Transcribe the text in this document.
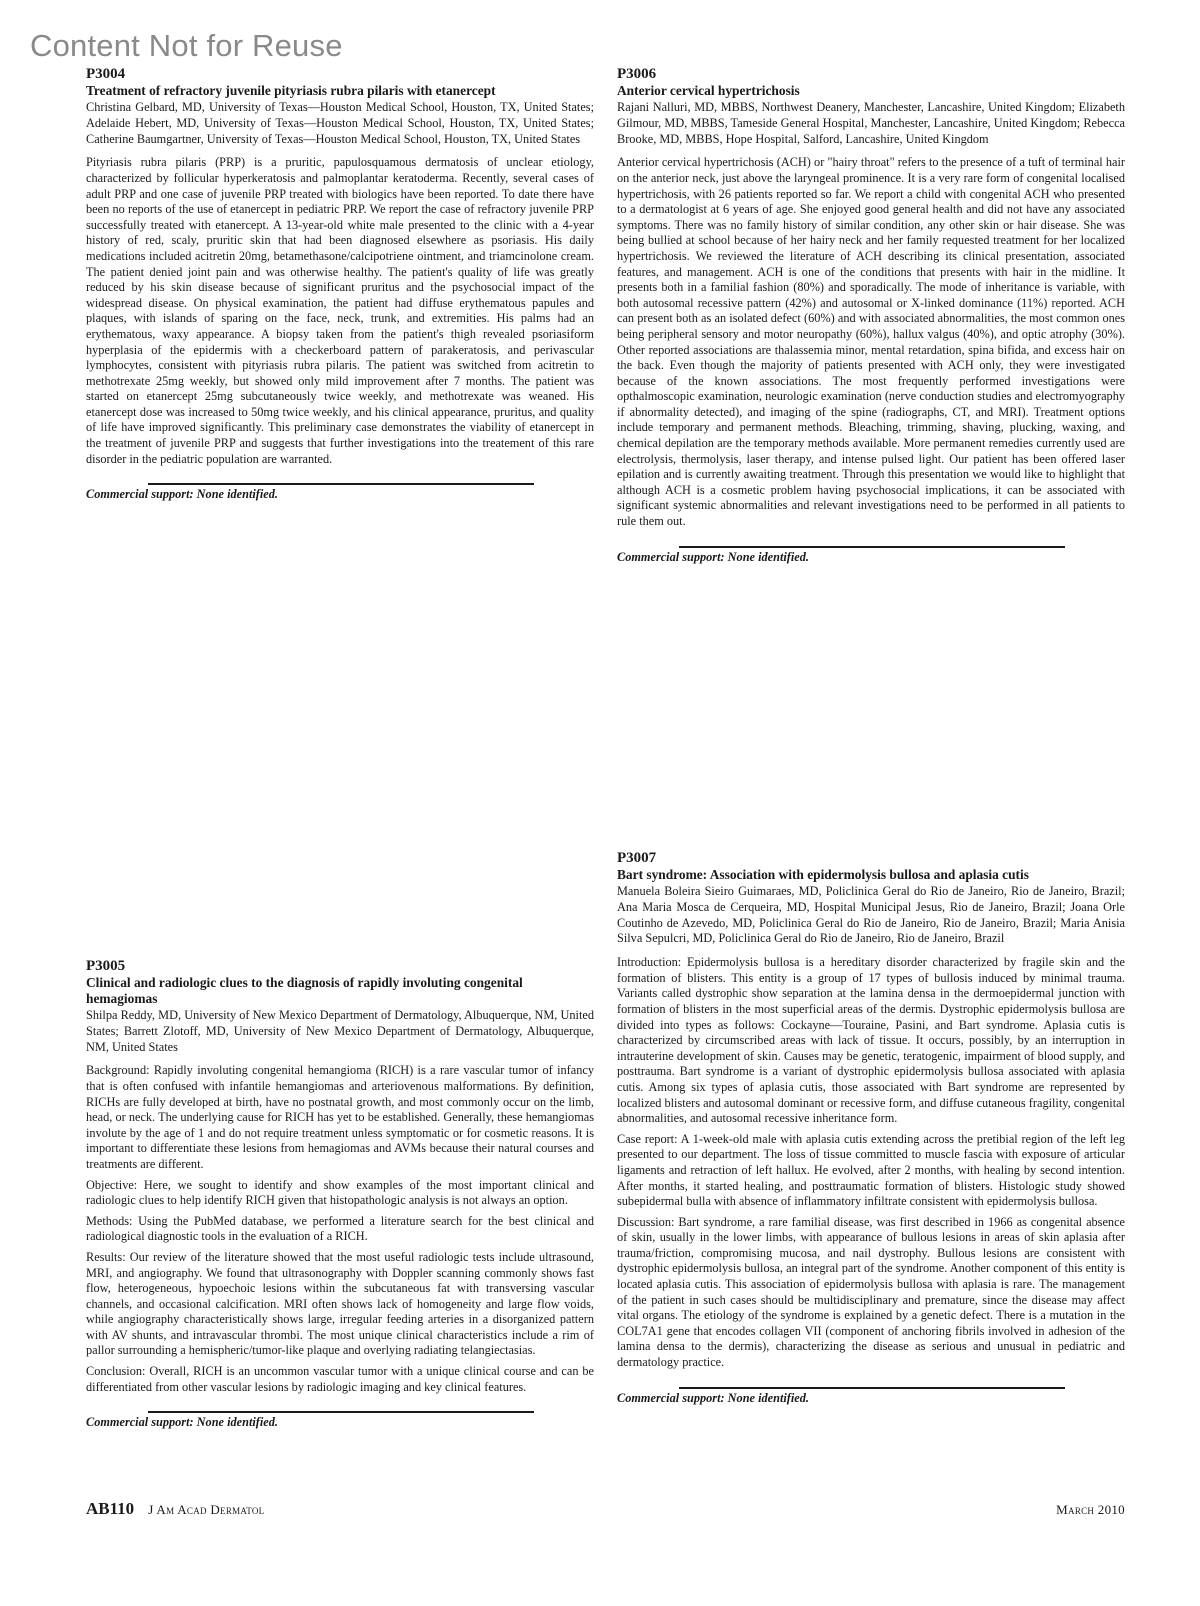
Content Not for Reuse
P3004
Treatment of refractory juvenile pityriasis rubra pilaris with etanercept
Christina Gelbard, MD, University of Texas—Houston Medical School, Houston, TX, United States; Adelaide Hebert, MD, University of Texas—Houston Medical School, Houston, TX, United States; Catherine Baumgartner, University of Texas—Houston Medical School, Houston, TX, United States

Pityriasis rubra pilaris (PRP) is a pruritic, papulosquamous dermatosis of unclear etiology, characterized by follicular hyperkeratosis and palmoplantar keratoderma. Recently, several cases of adult PRP and one case of juvenile PRP treated with biologics have been reported. To date there have been no reports of the use of etanercept in pediatric PRP. We report the case of refractory juvenile PRP successfully treated with etanercept. A 13-year-old white male presented to the clinic with a 4-year history of red, scaly, pruritic skin that had been diagnosed elsewhere as psoriasis. His daily medications included acitretin 20mg, betamethasone/calcipotriene ointment, and triamcinolone cream. The patient denied joint pain and was otherwise healthy. The patient's quality of life was greatly reduced by his skin disease because of significant pruritus and the psychosocial impact of the widespread disease. On physical examination, the patient had diffuse erythematous papules and plaques, with islands of sparing on the face, neck, trunk, and extremities. His palms had an erythematous, waxy appearance. A biopsy taken from the patient's thigh revealed psoriasiform hyperplasia of the epidermis with a checkerboard pattern of parakeratosis, and perivascular lymphocytes, consistent with pityriasis rubra pilaris. The patient was switched from acitretin to methotrexate 25mg weekly, but showed only mild improvement after 7 months. The patient was started on etanercept 25mg subcutaneously twice weekly, and methotrexate was weaned. His etanercept dose was increased to 50mg twice weekly, and his clinical appearance, pruritus, and quality of life have improved significantly. This preliminary case demonstrates the viability of etanercept in the treatment of juvenile PRP and suggests that further investigations into the treatement of this rare disorder in the pediatric population are warranted.

Commercial support: None identified.
P3005
Clinical and radiologic clues to the diagnosis of rapidly involuting congenital hemagiomas
Shilpa Reddy, MD, University of New Mexico Department of Dermatology, Albuquerque, NM, United States; Barrett Zlotoff, MD, University of New Mexico Department of Dermatology, Albuquerque, NM, United States

Background: Rapidly involuting congenital hemangioma (RICH) is a rare vascular tumor of infancy that is often confused with infantile hemangiomas and arteriovenous malformations. By definition, RICHs are fully developed at birth, have no postnatal growth, and most commonly occur on the limb, head, or neck. The underlying cause for RICH has yet to be established. Generally, these hemangiomas involute by the age of 1 and do not require treatment unless symptomatic or for cosmetic reasons. It is important to differentiate these lesions from hemagiomas and AVMs because their natural courses and treatments are different.

Objective: Here, we sought to identify and show examples of the most important clinical and radiologic clues to help identify RICH given that histopathologic analysis is not always an option.

Methods: Using the PubMed database, we performed a literature search for the best clinical and radiological diagnostic tools in the evaluation of a RICH.

Results: Our review of the literature showed that the most useful radiologic tests include ultrasound, MRI, and angiography. We found that ultrasonography with Doppler scanning commonly shows fast flow, heterogeneous, hypoechoic lesions within the subcutaneous fat with transversing vascular channels, and occasional calcification. MRI often shows lack of homogeneity and large flow voids, while angiography characteristically shows large, irregular feeding arteries in a disorganized pattern with AV shunts, and intravascular thrombi. The most unique clinical characteristics include a rim of pallor surrounding a hemispheric/tumor-like plaque and overlying radiating telangiectasias.

Conclusion: Overall, RICH is an uncommon vascular tumor with a unique clinical course and can be differentiated from other vascular lesions by radiologic imaging and key clinical features.

Commercial support: None identified.
P3006
Anterior cervical hypertrichosis
Rajani Nalluri, MD, MBBS, Northwest Deanery, Manchester, Lancashire, United Kingdom; Elizabeth Gilmour, MD, MBBS, Tameside General Hospital, Manchester, Lancashire, United Kingdom; Rebecca Brooke, MD, MBBS, Hope Hospital, Salford, Lancashire, United Kingdom

Anterior cervical hypertrichosis (ACH) or "hairy throat" refers to the presence of a tuft of terminal hair on the anterior neck, just above the laryngeal prominence. It is a very rare form of congenital localised hypertrichosis, with 26 patients reported so far. We report a child with congenital ACH who presented to a dermatologist at 6 years of age. She enjoyed good general health and did not have any associated symptoms. There was no family history of similar condition, any other skin or hair disease. She was being bullied at school because of her hairy neck and her family requested treatment for her localized hypertrichosis. We reviewed the literature of ACH describing its clinical presentation, associated features, and management. ACH is one of the conditions that presents with hair in the midline. It presents both in a familial fashion (80%) and sporadically. The mode of inheritance is variable, with both autosomal recessive pattern (42%) and autosomal or X-linked dominance (11%) reported. ACH can present both as an isolated defect (60%) and with associated abnormalities, the most common ones being peripheral sensory and motor neuropathy (60%), hallux valgus (40%), and optic atrophy (30%). Other reported associations are thalassemia minor, mental retardation, spina bifida, and excess hair on the back. Even though the majority of patients presented with ACH only, they were investigated because of the known associations. The most frequently performed investigations were opthalmoscopic examination, neurologic examination (nerve conduction studies and electromyography if abnormality detected), and imaging of the spine (radiographs, CT, and MRI). Treatment options include temporary and permanent methods. Bleaching, trimming, shaving, plucking, waxing, and chemical depilation are the temporary methods available. More permanent remedies currently used are electrolysis, thermolysis, laser therapy, and intense pulsed light. Our patient has been offered laser epilation and is currently awaiting treatment. Through this presentation we would like to highlight that although ACH is a cosmetic problem having psychosocial implications, it can be associated with significant systemic abnormalities and relevant investigations need to be performed in all patients to rule them out.

Commercial support: None identified.
P3007
Bart syndrome: Association with epidermolysis bullosa and aplasia cutis
Manuela Boleira Sieiro Guimaraes, MD, Policlinica Geral do Rio de Janeiro, Rio de Janeiro, Brazil; Ana Maria Mosca de Cerqueira, MD, Hospital Municipal Jesus, Rio de Janeiro, Brazil; Joana Orle Coutinho de Azevedo, MD, Policlinica Geral do Rio de Janeiro, Rio de Janeiro, Brazil; Maria Anisia Silva Sepulcri, MD, Policlinica Geral do Rio de Janeiro, Rio de Janeiro, Brazil

Introduction: Epidermolysis bullosa is a hereditary disorder characterized by fragile skin and the formation of blisters. This entity is a group of 17 types of bullosis induced by minimal trauma. Variants called dystrophic show separation at the lamina densa in the dermoepidermal junction with formation of blisters in the most superficial areas of the dermis. Dystrophic epidermolysis bullosa are divided into types as follows: Cockayne—Touraine, Pasini, and Bart syndrome. Aplasia cutis is characterized by circumscribed areas with lack of tissue. It occurs, possibly, by an interruption in intrauterine development of skin. Causes may be genetic, teratogenic, impairment of blood supply, and posttrauma. Bart syndrome is a variant of dystrophic epidermolysis bullosa associated with aplasia cutis. Among six types of aplasia cutis, those associated with Bart syndrome are represented by localized blisters and autosomal dominant or recessive form, and diffuse cutaneous fragility, congenital abnormalities, and autosomal recessive inheritance form.

Case report: A 1-week-old male with aplasia cutis extending across the pretibial region of the left leg presented to our department. The loss of tissue committed to muscle fascia with exposure of articular ligaments and retraction of left hallux. He evolved, after 2 months, with healing by second intention. After months, it started healing, and posttraumatic formation of blisters. Histologic study showed subepidermal bulla with absence of inflammatory infiltrate consistent with epidermolysis bullosa.

Discussion: Bart syndrome, a rare familial disease, was first described in 1966 as congenital absence of skin, usually in the lower limbs, with appearance of bullous lesions in areas of skin aplasia after trauma/friction, compromising mucosa, and nail dystrophy. Bullous lesions are consistent with dystrophic epidermolysis bullosa, an integral part of the syndrome. Another component of this entity is located aplasia cutis. This association of epidermolysis bullosa with aplasia is rare. The management of the patient in such cases should be multidisciplinary and premature, since the disease may affect vital organs. The etiology of the syndrome is explained by a genetic defect. There is a mutation in the COL7A1 gene that encodes collagen VII (component of anchoring fibrils involved in adhesion of the lamina densa to the dermis), characterizing the disease as serious and unusual in pediatric and dermatology practice.

Commercial support: None identified.
AB110 J Am Acad Dermatol	March 2010
